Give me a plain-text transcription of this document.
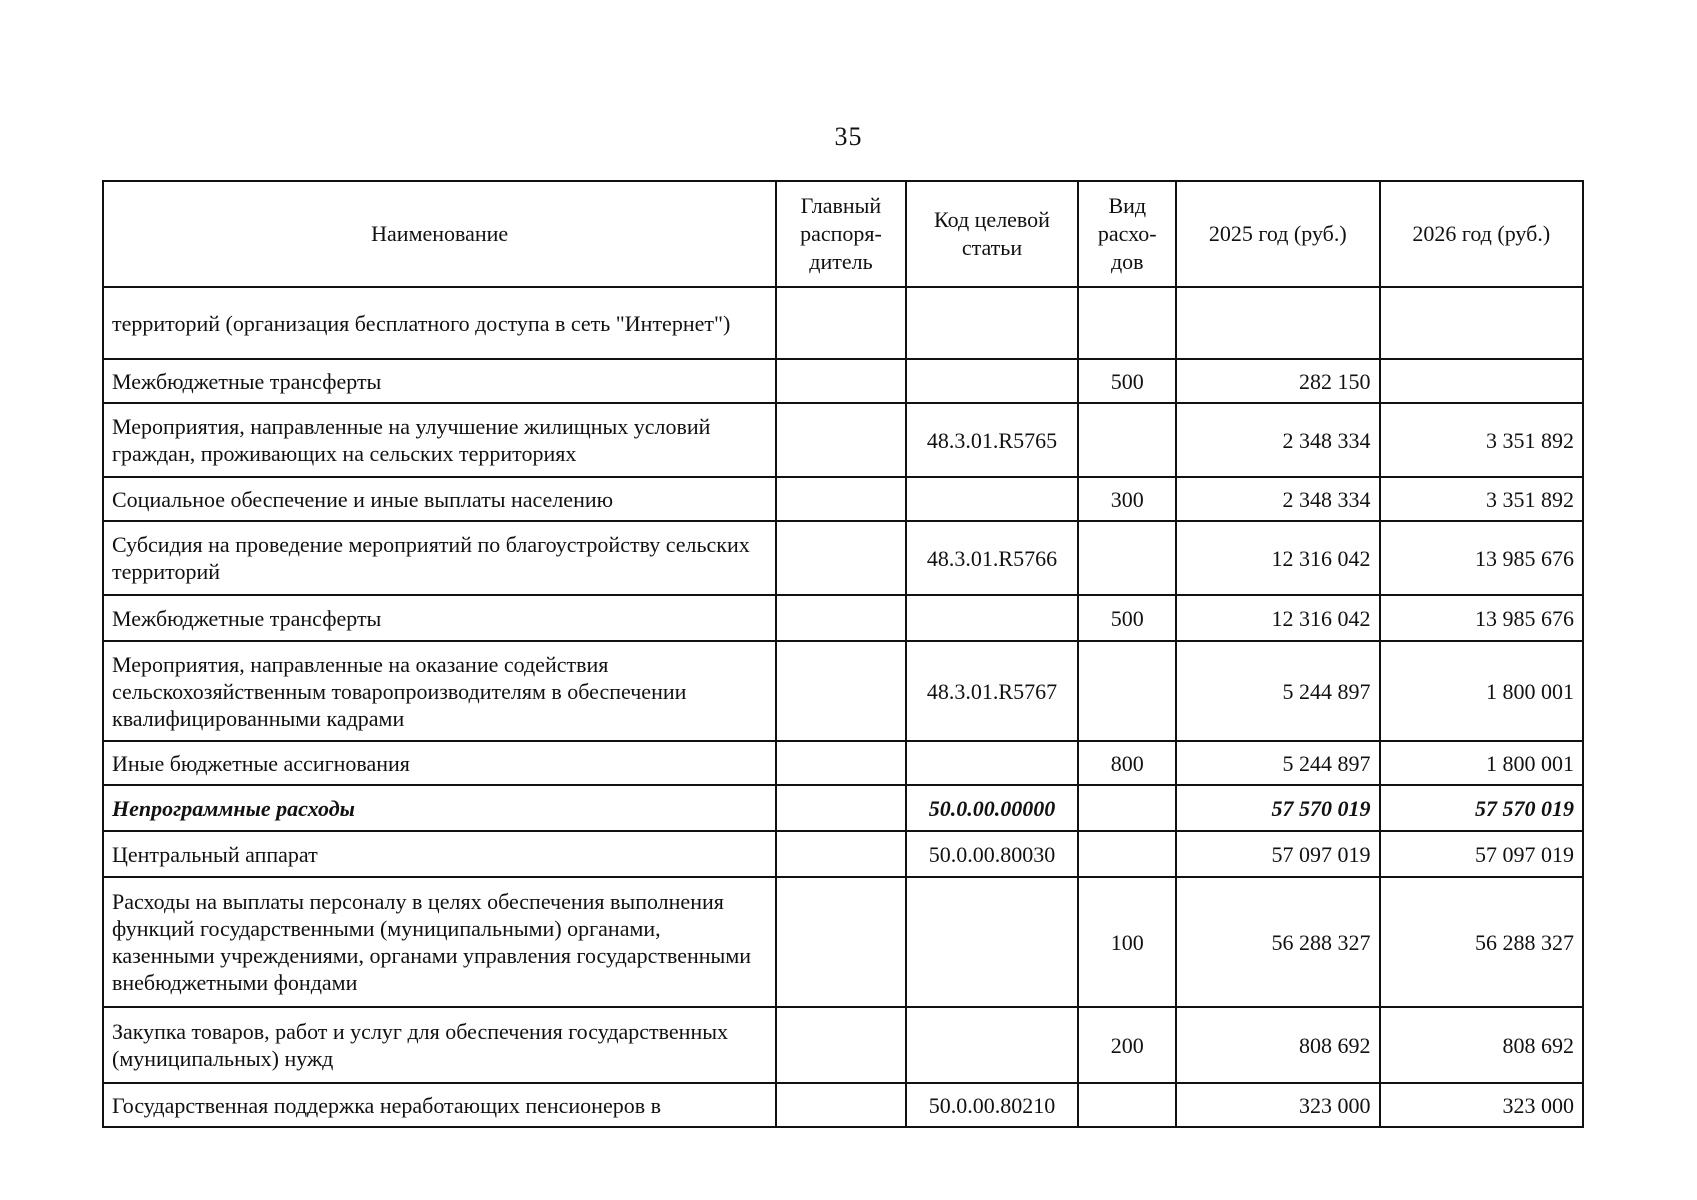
35
Наименование	Главный распоря-дитель	Код целевой статьи	Вид расхо-дов	2025 год (руб.)	2026 год (руб.)
территорий (организация бесплатного доступа в сеть "Интернет")					
Межбюджетные трансферты			500	282 150	
Мероприятия, направленные на улучшение жилищных условий граждан, проживающих на сельских территориях		48.3.01.R5765		2 348 334	3 351 892
Социальное обеспечение и иные выплаты населению			300	2 348 334	3 351 892
Субсидия на проведение мероприятий по благоустройству сельских территорий		48.3.01.R5766		12 316 042	13 985 676
Межбюджетные трансферты			500	12 316 042	13 985 676
Мероприятия, направленные на оказание содействия сельскохозяйственным товаропроизводителям в обеспечении квалифицированными кадрами		48.3.01.R5767		5 244 897	1 800 001
Иные бюджетные ассигнования			800	5 244 897	1 800 001
Непрограммные расходы		50.0.00.00000		57 570 019	57 570 019
Центральный аппарат		50.0.00.80030		57 097 019	57 097 019
Расходы на выплаты персоналу в целях обеспечения выполнения функций государственными (муниципальными) органами, казенными учреждениями, органами управления государственными внебюджетными фондами			100	56 288 327	56 288 327
Закупка товаров, работ и услуг для обеспечения государственных (муниципальных) нужд			200	808 692	808 692
Государственная поддержка неработающих пенсионеров в		50.0.00.80210		323 000	323 000
